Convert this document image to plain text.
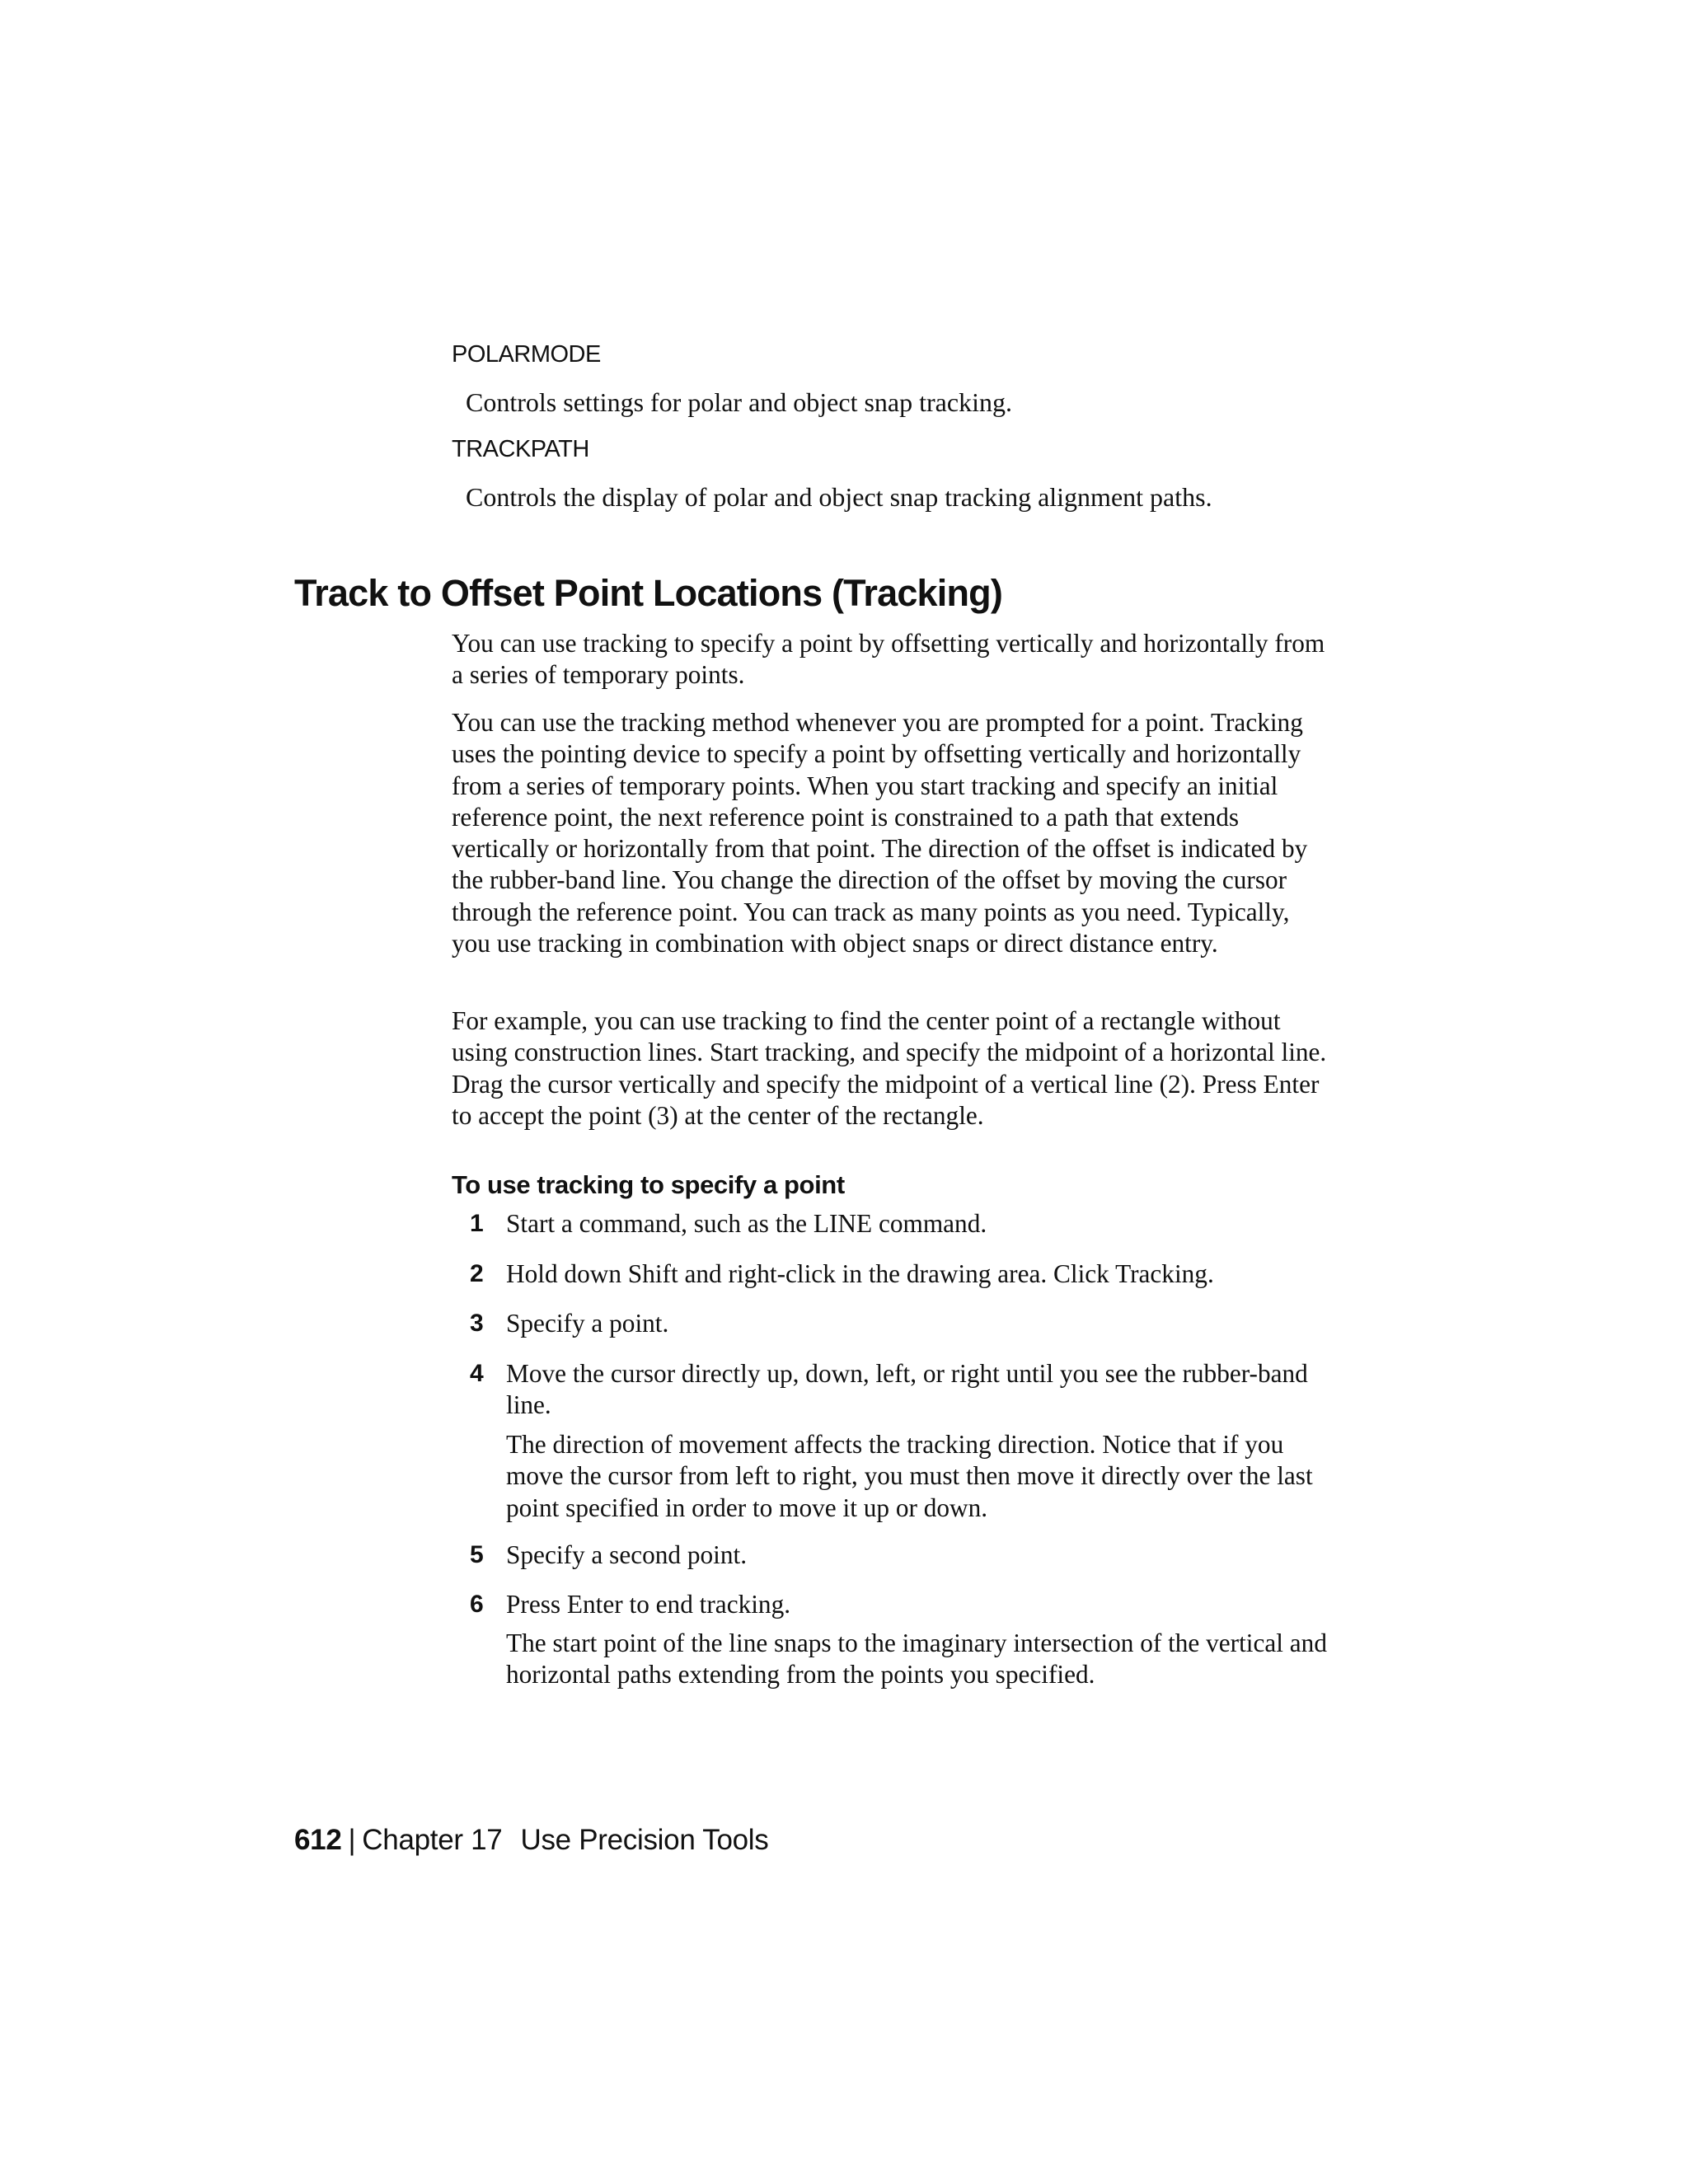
POLARMODE

Controls settings for polar and object snap tracking.

TRACKPATH

Controls the display of polar and object snap tracking alignment paths.

Track to Offset Point Locations (Tracking)

You can use tracking to specify a point by offsetting vertically and horizontally from a series of temporary points.

You can use the tracking method whenever you are prompted for a point. Tracking uses the pointing device to specify a point by offsetting vertically and horizontally from a series of temporary points. When you start tracking and specify an initial reference point, the next reference point is constrained to a path that extends vertically or horizontally from that point. The direction of the offset is indicated by the rubber-band line. You change the direction of the offset by moving the cursor through the reference point. You can track as many points as you need. Typically, you use tracking in combination with object snaps or direct distance entry.

For example, you can use tracking to find the center point of a rectangle without using construction lines. Start tracking, and specify the midpoint of a horizontal line. Drag the cursor vertically and specify the midpoint of a vertical line (2). Press Enter to accept the point (3) at the center of the rectangle.

To use tracking to specify a point
1 Start a command, such as the LINE command.

2 Hold down Shift and right-click in the drawing area. Click Tracking.

3 Specify a point.

4 Move the cursor directly up, down, left, or right until you see the rubber-band line.

The direction of movement affects the tracking direction. Notice that if you move the cursor from left to right, you must then move it directly over the last point specified in order to move it up or down.

5 Specify a second point.

6 Press Enter to end tracking.

The start point of the line snaps to the imaginary intersection of the vertical and horizontal paths extending from the points you specified.

612 | Chapter 17 Use Precision Tools
